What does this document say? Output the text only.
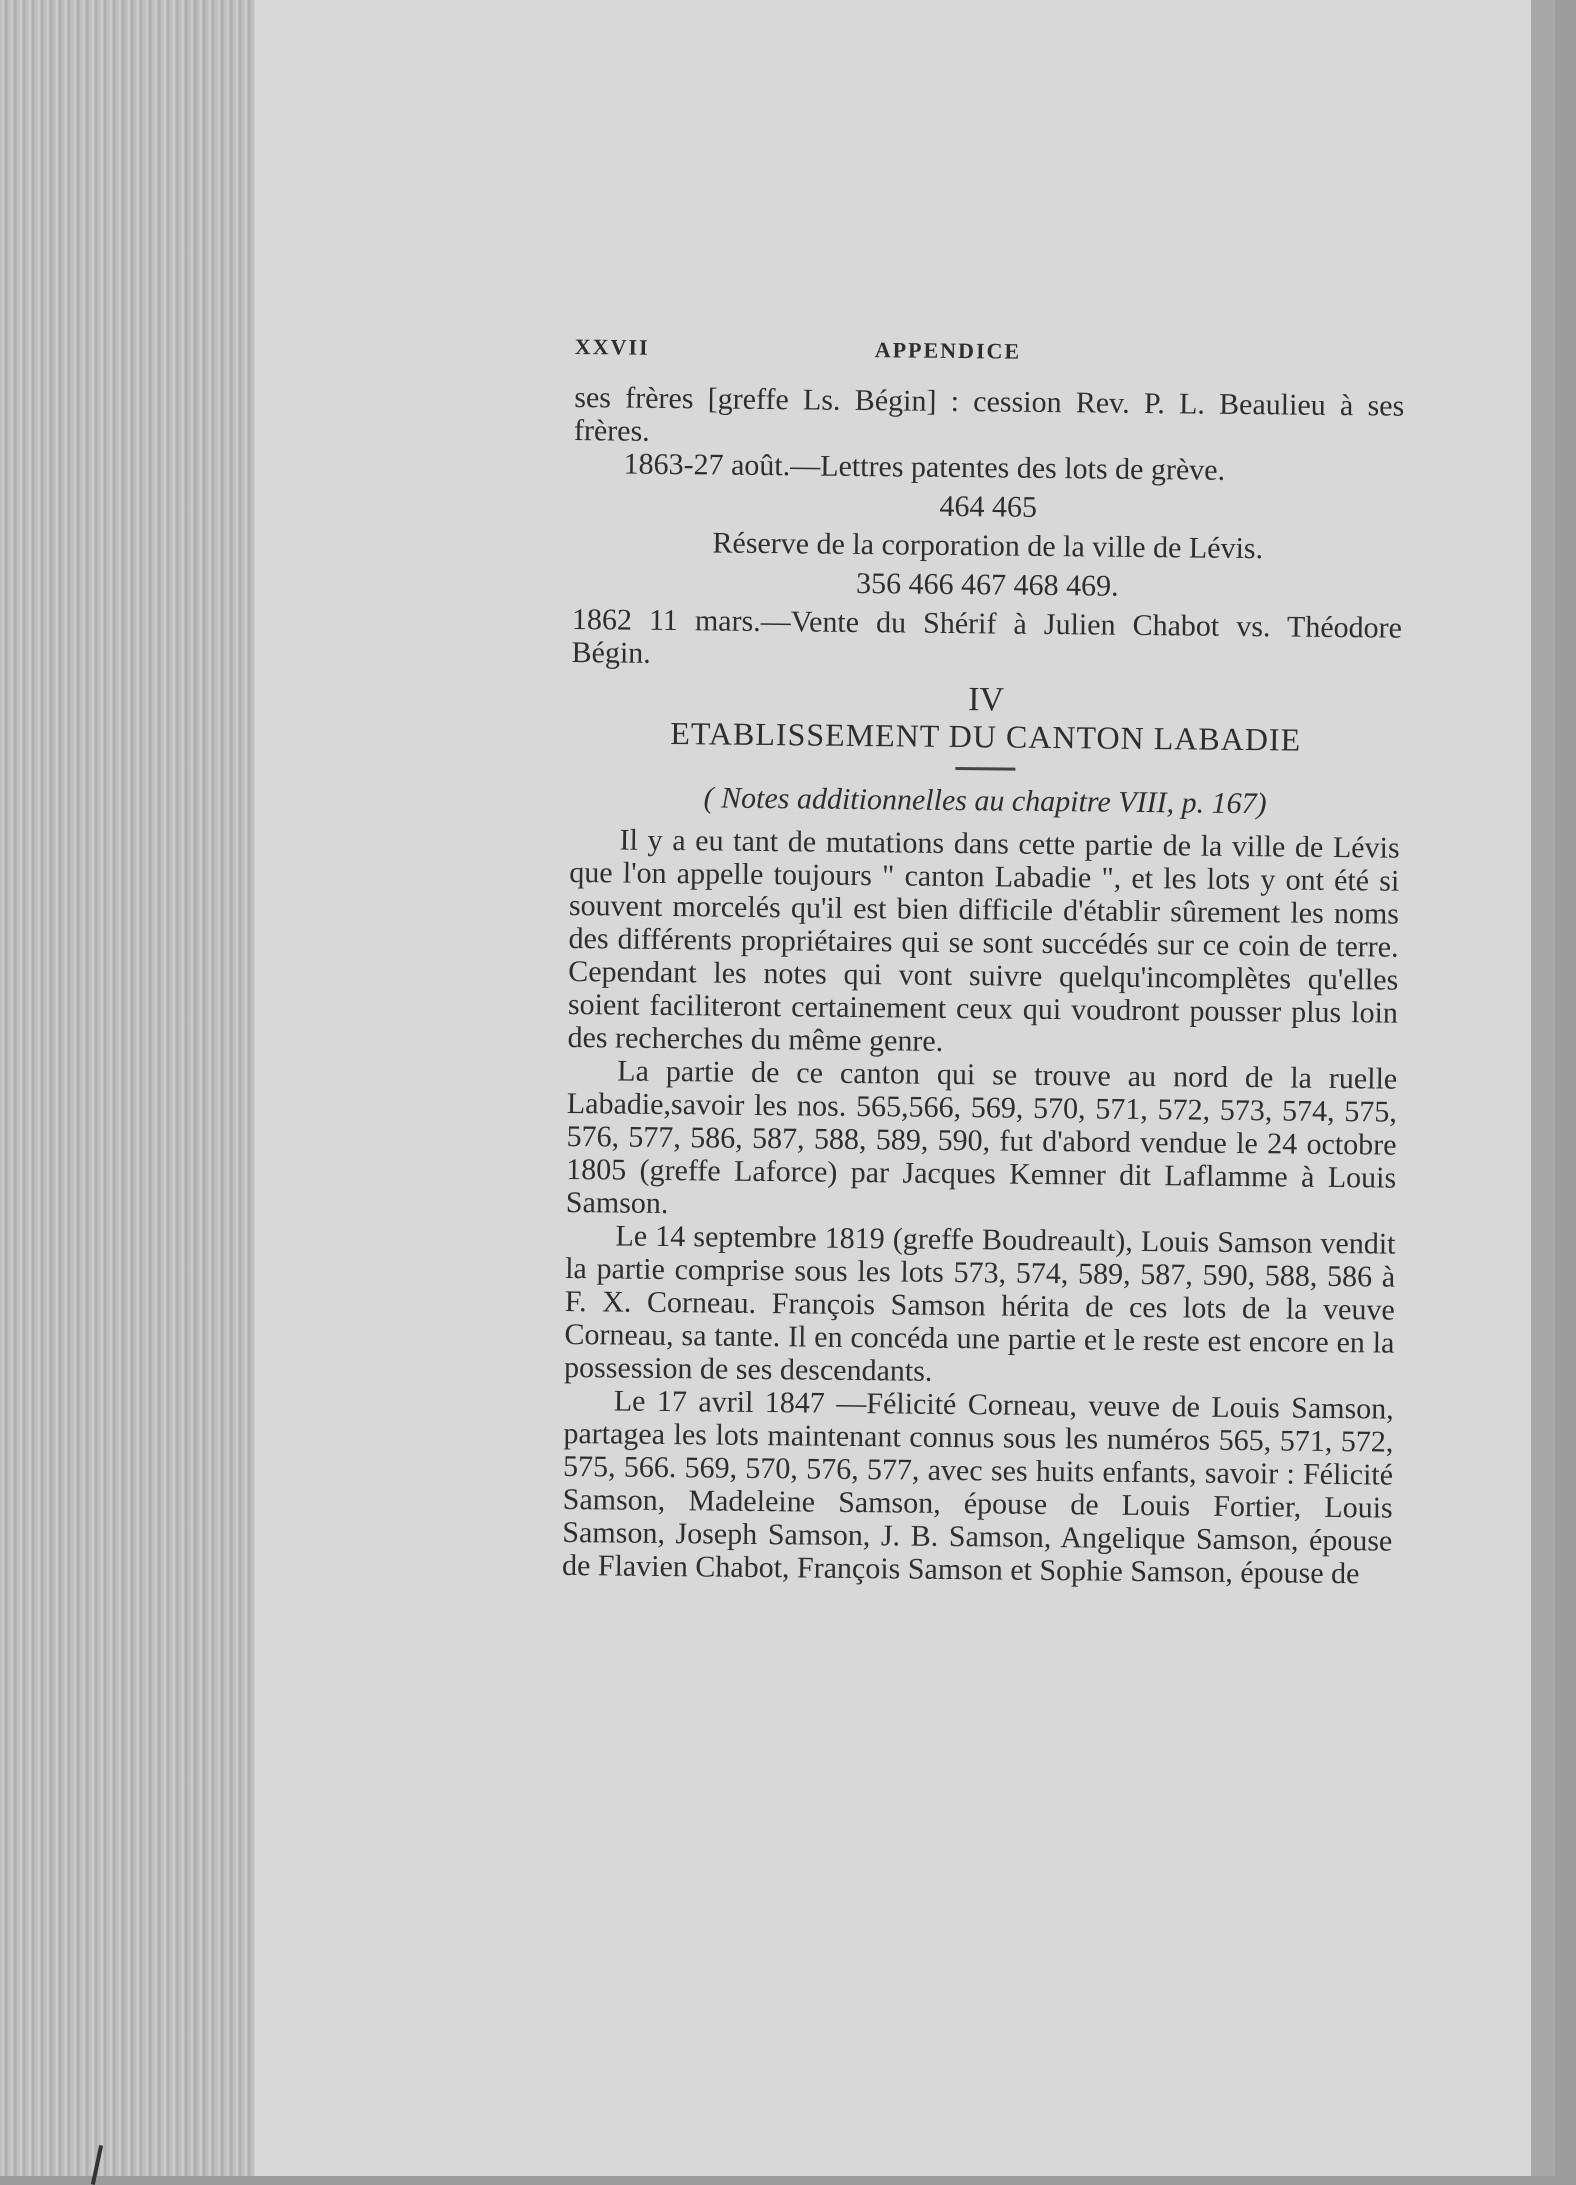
XXVII	APPENDICE

ses frères [greffe Ls. Bégin] : cession Rev. P. L. Beaulieu à ses frères.

1863-27 août.—Lettres patentes des lots de grève.

464 465

Réserve de la corporation de la ville de Lévis.

356 466 467 468 469.

1862 11 mars.—Vente du Shérif à Julien Chabot vs. Théodore Bégin.

IV

ETABLISSEMENT DU CANTON LABADIE

( Notes additionnelles au chapitre VIII, p. 167)

Il y a eu tant de mutations dans cette partie de la ville de Lévis que l'on appelle toujours " canton Labadie ", et les lots y ont été si souvent morcelés qu'il est bien difficile d'établir sûrement les noms des différents propriétaires qui se sont succédés sur ce coin de terre. Cependant les notes qui vont suivre quelqu'incomplètes qu'elles soient faciliteront certainement ceux qui voudront pousser plus loin des recherches du même genre.

La partie de ce canton qui se trouve au nord de la ruelle Labadie,savoir les nos. 565,566, 569, 570, 571, 572, 573, 574, 575, 576, 577, 586, 587, 588, 589, 590, fut d'abord vendue le 24 octobre 1805 (greffe Laforce) par Jacques Kemner dit Laflamme à Louis Samson.

Le 14 septembre 1819 (greffe Boudreault), Louis Samson vendit la partie comprise sous les lots 573, 574, 589, 587, 590, 588, 586 à F. X. Corneau. François Samson hérita de ces lots de la veuve Corneau, sa tante. Il en concéda une partie et le reste est encore en la possession de ses descendants.

Le 17 avril 1847 —Félicité Corneau, veuve de Louis Samson, partagea les lots maintenant connus sous les numéros 565, 571, 572, 575, 566. 569, 570, 576, 577, avec ses huits enfants, savoir : Félicité Samson, Madeleine Samson, épouse de Louis Fortier, Louis Samson, Joseph Samson, J. B. Samson, Angelique Samson, épouse de Flavien Chabot, François Samson et Sophie Samson, épouse de
